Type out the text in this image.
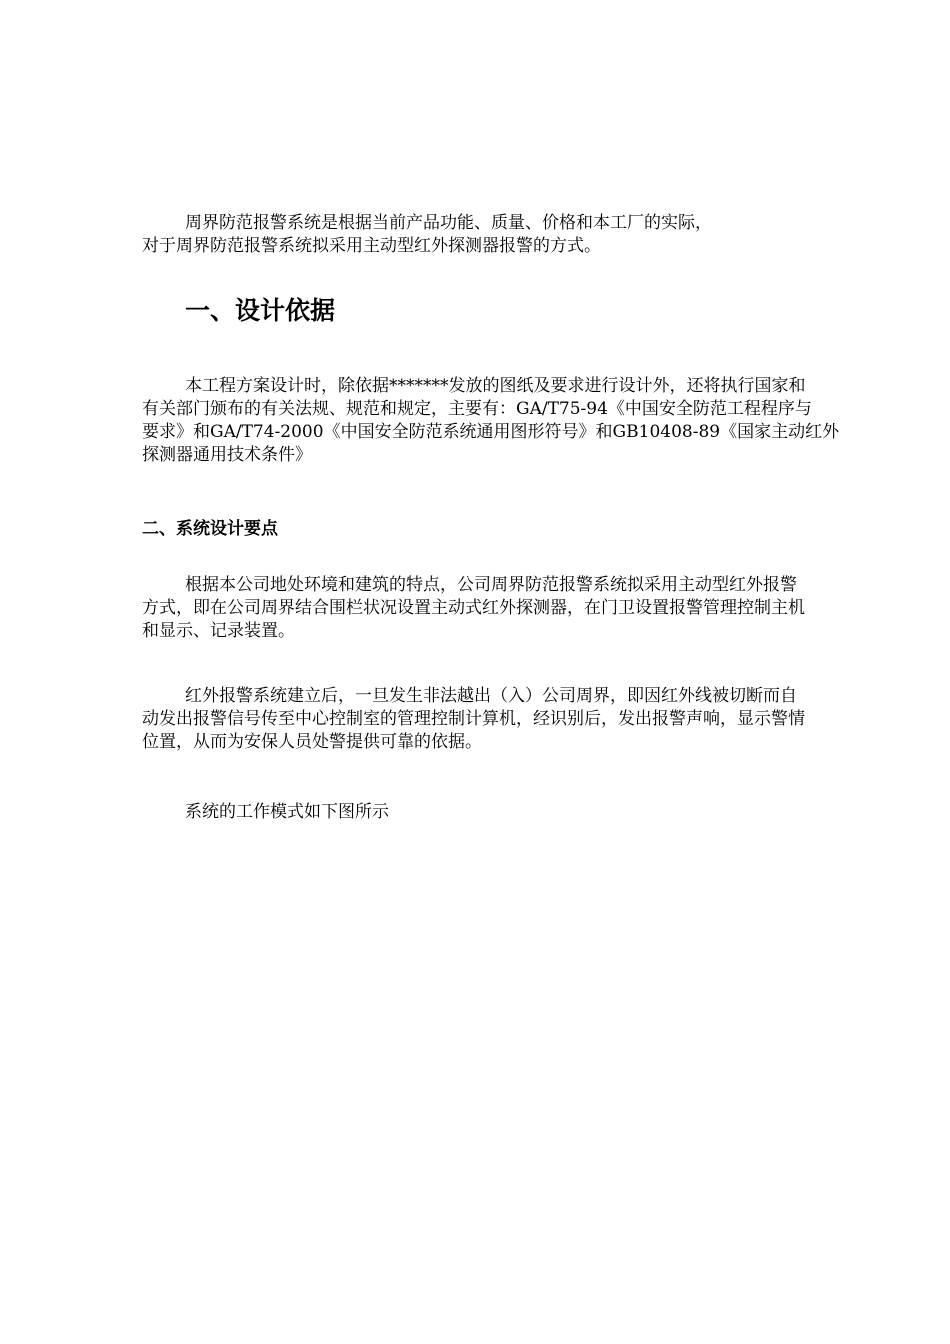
周界防范报警系统是根据当前产品功能、质量、价格和本工厂的实际，
对于周界防范报警系统拟采用主动型红外探测器报警的方式。

一、设计依据

本工程方案设计时，除依据*******发放的图纸及要求进行设计外，还将执行国家和
有关部门颁布的有关法规、规范和规定，主要有：GA/T75-94《中国安全防范工程程序与
要求》和GA/T74-2000《中国安全防范系统通用图形符号》和GB10408-89《国家主动红外
探测器通用技术条件》

二、系统设计要点

根据本公司地处环境和建筑的特点，公司周界防范报警系统拟采用主动型红外报警
方式，即在公司周界结合围栏状况设置主动式红外探测器，在门卫设置报警管理控制主机
和显示、记录装置。

红外报警系统建立后，一旦发生非法越出（入）公司周界，即因红外线被切断而自
动发出报警信号传至中心控制室的管理控制计算机，经识别后，发出报警声响，显示警情
位置，从而为安保人员处警提供可靠的依据。

系统的工作模式如下图所示
